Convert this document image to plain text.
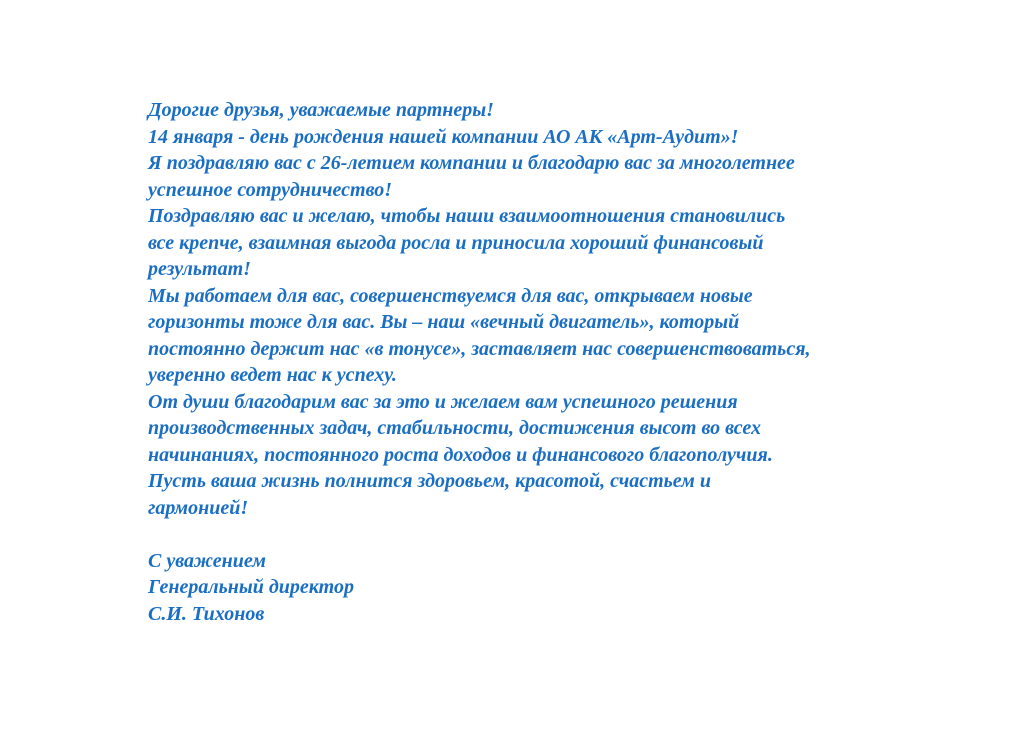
Дорогие друзья, уважаемые партнеры!
14 января - день рождения нашей компании АО АК «Арт-Аудит»!
Я поздравляю вас с 26-летием компании и благодарю вас за многолетнее
успешное сотрудничество!
Поздравляю вас и желаю, чтобы наши взаимоотношения становились
все крепче, взаимная выгода росла и приносила хороший финансовый
результат!
Мы работаем для вас, совершенствуемся для вас, открываем новые
горизонты тоже для вас. Вы – наш «вечный двигатель», который
постоянно держит нас «в тонусе», заставляет нас совершенствоваться,
уверенно ведет нас к успеху.
От души благодарим вас за это и желаем вам успешного решения
производственных задач, стабильности, достижения высот во всех
начинаниях, постоянного роста доходов и финансового благополучия.
Пусть ваша жизнь полнится здоровьем, красотой, счастьем и
гармонией!
С уважением
Генеральный директор
С.И. Тихонов
